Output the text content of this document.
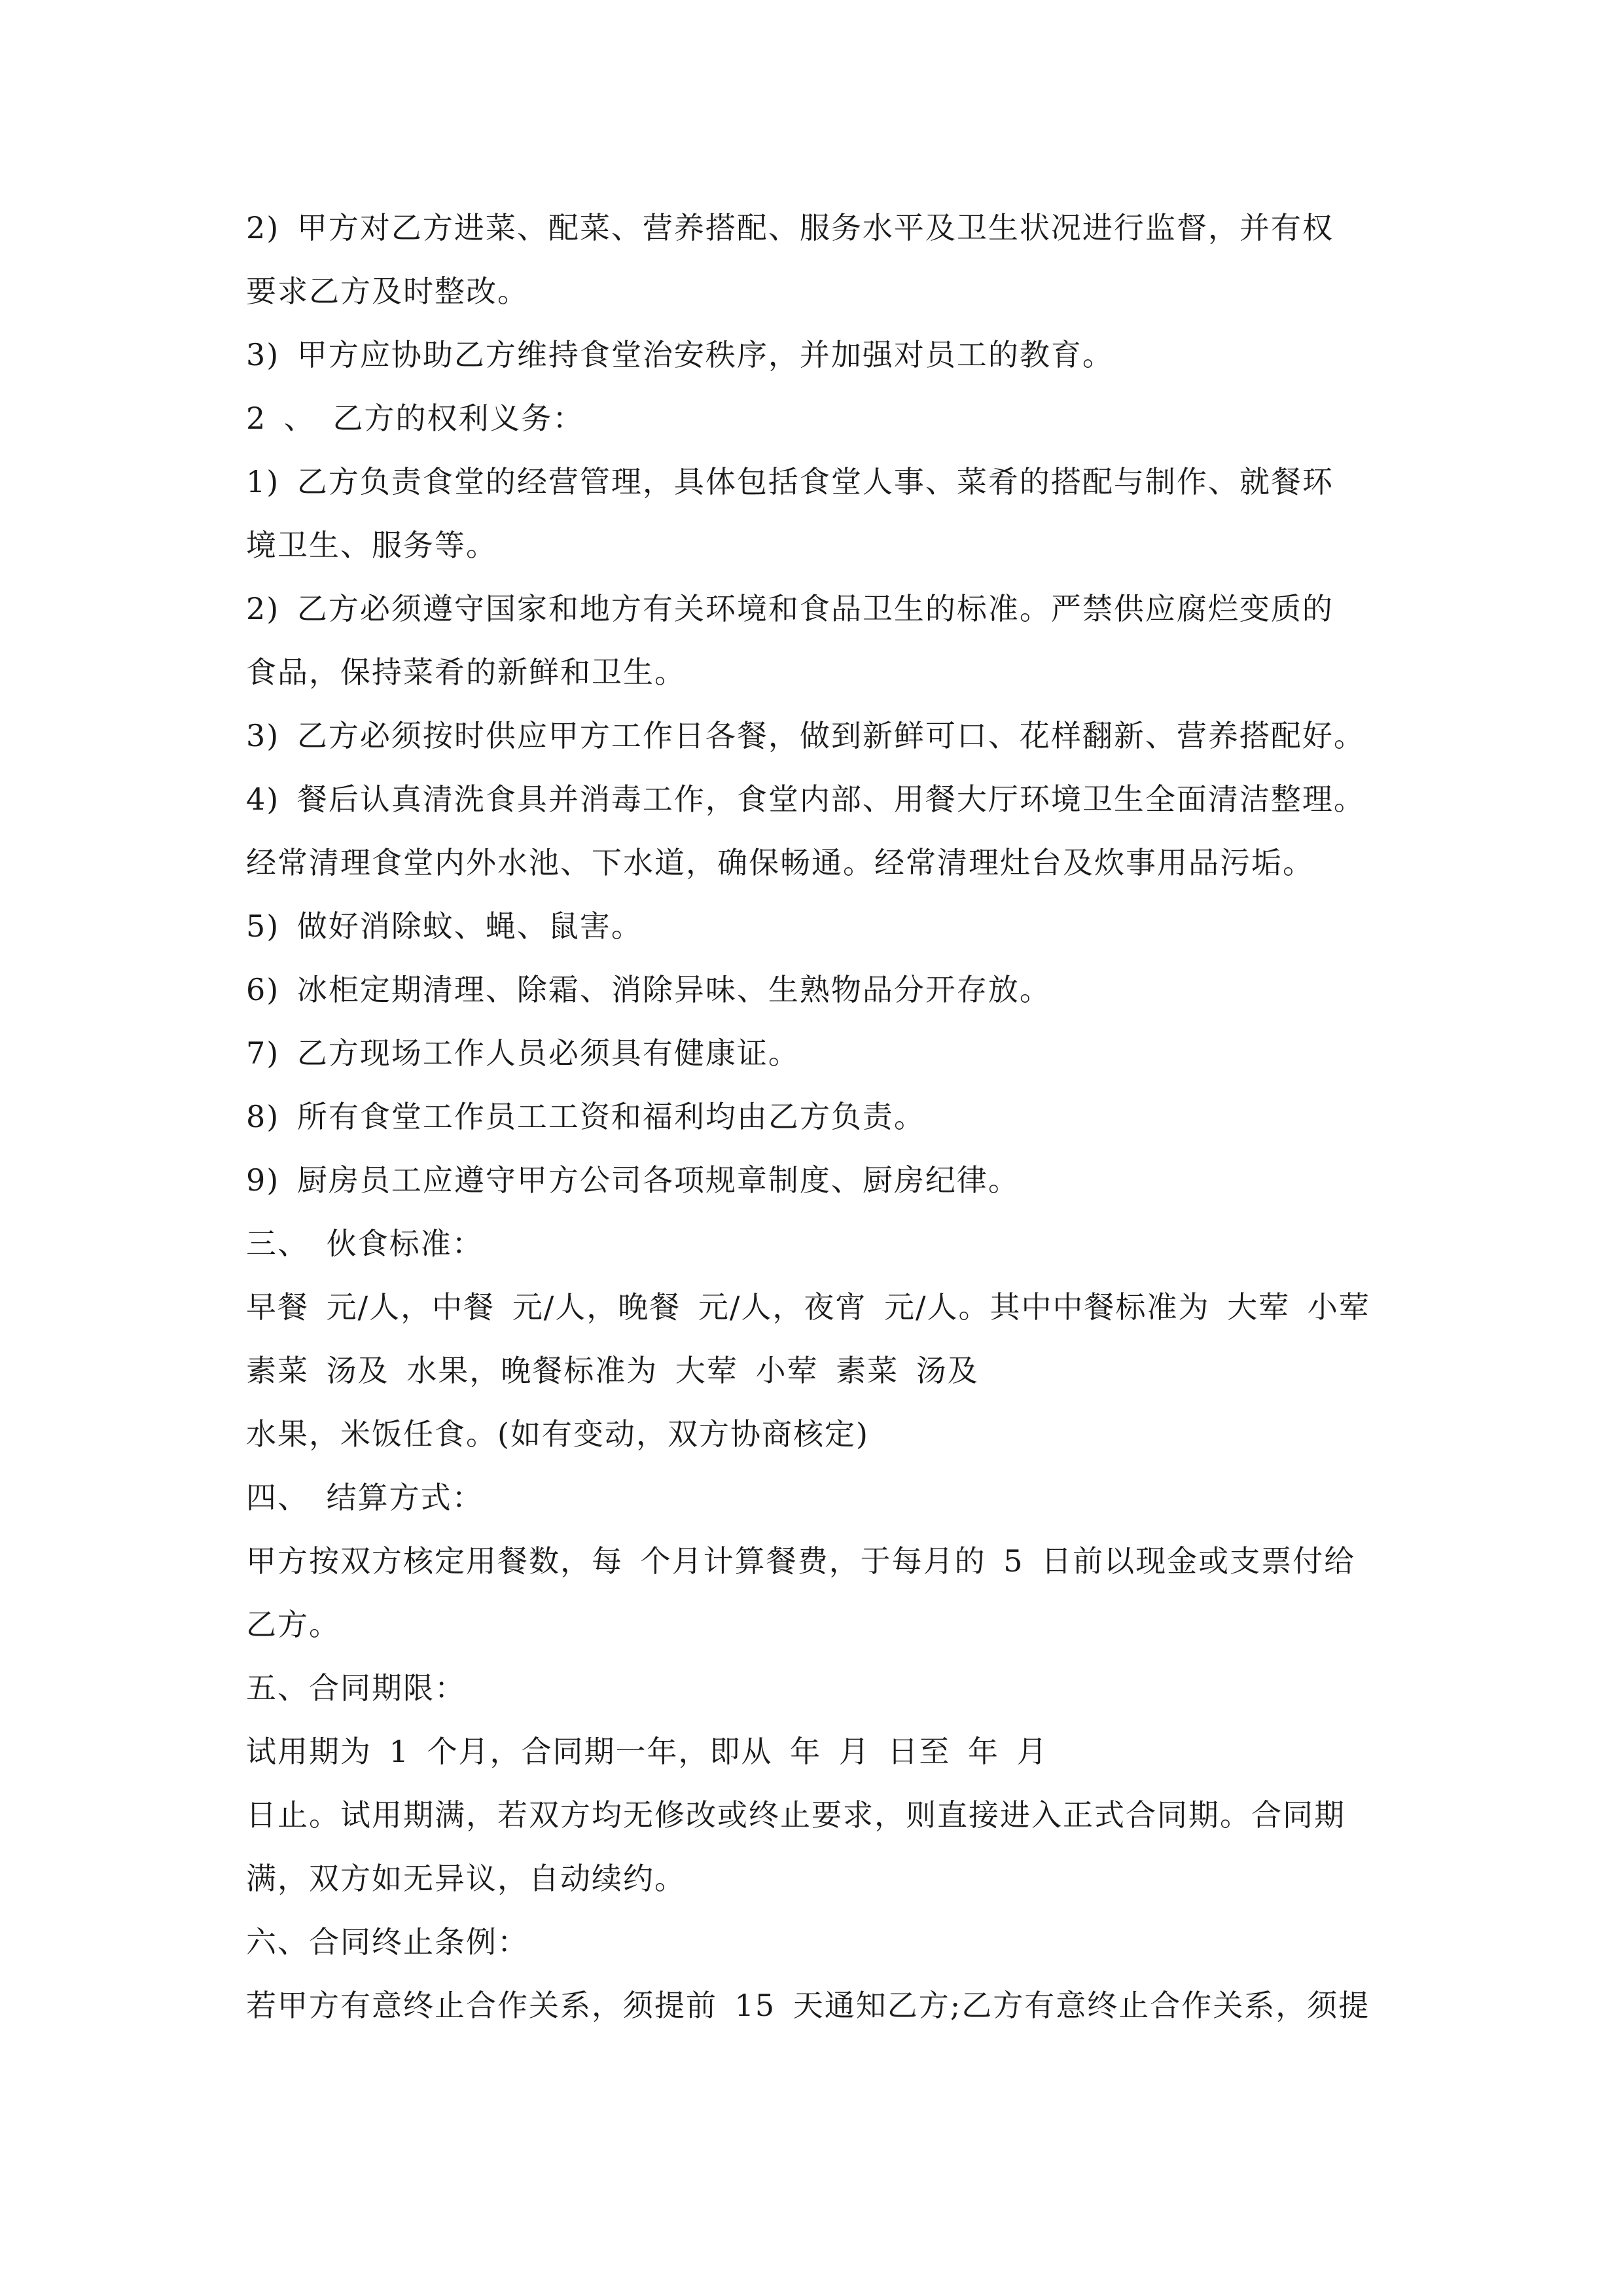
2) 甲方对乙方进菜、配菜、营养搭配、服务水平及卫生状况进行监督，并有权
要求乙方及时整改。
3) 甲方应协助乙方维持食堂治安秩序，并加强对员工的教育。
2 、 乙方的权利义务：
1) 乙方负责食堂的经营管理，具体包括食堂人事、菜肴的搭配与制作、就餐环
境卫生、服务等。
2) 乙方必须遵守国家和地方有关环境和食品卫生的标准。严禁供应腐烂变质的
食品，保持菜肴的新鲜和卫生。
3) 乙方必须按时供应甲方工作日各餐，做到新鲜可口、花样翻新、营养搭配好。
4) 餐后认真清洗食具并消毒工作，食堂内部、用餐大厅环境卫生全面清洁整理。
经常清理食堂内外水池、下水道，确保畅通。经常清理灶台及炊事用品污垢。
5) 做好消除蚊、蝇、鼠害。
6) 冰柜定期清理、除霜、消除异味、生熟物品分开存放。
7) 乙方现场工作人员必须具有健康证。
8) 所有食堂工作员工工资和福利均由乙方负责。
9) 厨房员工应遵守甲方公司各项规章制度、厨房纪律。
三、 伙食标准：
早餐 元/人，中餐 元/人，晚餐 元/人，夜宵 元/人。其中中餐标准为 大荤 小荤
素菜 汤及 水果，晚餐标准为 大荤 小荤 素菜 汤及
水果，米饭任食。(如有变动，双方协商核定)
四、 结算方式：
甲方按双方核定用餐数，每 个月计算餐费，于每月的 5 日前以现金或支票付给
乙方。
五、合同期限：
试用期为 1 个月，合同期一年，即从 年 月 日至 年 月
日止。试用期满，若双方均无修改或终止要求，则直接进入正式合同期。合同期
满，双方如无异议，自动续约。
六、合同终止条例：
若甲方有意终止合作关系，须提前 15 天通知乙方;乙方有意终止合作关系，须提
